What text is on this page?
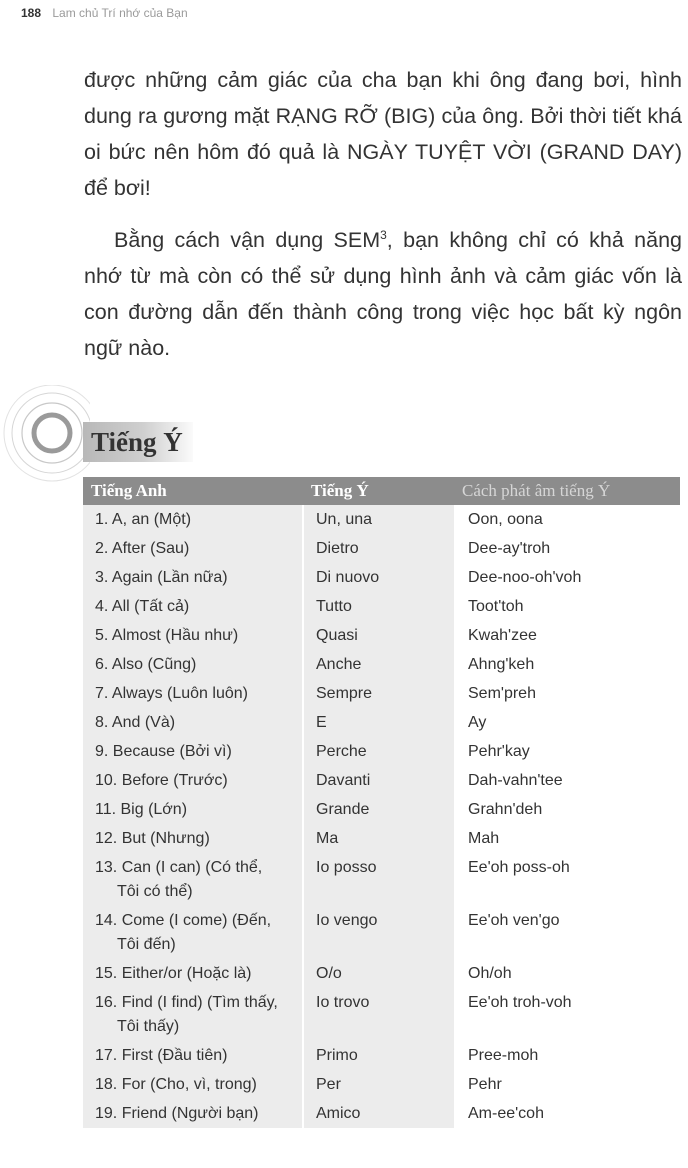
188 Lam chủ Trí nhớ của Bạn

được những cảm giác của cha bạn khi ông đang bơi, hình dung ra gương mặt RẠNG RỠ (BIG) của ông. Bởi thời tiết khá oi bức nên hôm đó quả là NGÀY TUYỆT VỜI (GRAND DAY) để bơi!

Bằng cách vận dụng SEM$^3$, bạn không chỉ có khả năng nhớ từ mà còn có thể sử dụng hình ảnh và cảm giác vốn là con đường dẫn đến thành công trong việc học bất kỳ ngôn ngữ nào.

Tiếng Ý
Tiếng Anh	Tiếng Ý	Cách phát âm tiếng Ý

1. A, an (Một)	Un, una	Oon, oona

2. After (Sau)	Dietro	Dee-ay'troh

3. Again (Lần nữa)	Di nuovo	Dee-noo-oh'voh

4. All (Tất cả)	Tutto	Toot'toh

5. Almost (Hầu như)	Quasi	Kwah'zee

6. Also (Cũng)	Anche	Ahng'keh

7. Always (Luôn luôn)	Sempre	Sem'preh

8. And (Và)	E	Ay

9. Because (Bởi vì)	Perche	Pehr'kay

10. Before (Trước)	Davanti	Dah-vahn'tee

11. Big (Lớn)	Grande	Grahn'deh

12. But (Nhưng)	Ma	Mah

13. Can (I can) (Có thể,
Tôi có thể)	Io posso	Ee'oh poss-oh

14. Come (I come) (Đến,
Tôi đến)	Io vengo	Ee'oh ven'go

15. Either/or (Hoặc là)	O/o	Oh/oh

16. Find (I find) (Tìm thấy,
Tôi thấy)	Io trovo	Ee'oh troh-voh

17. First (Đầu tiên)	Primo	Pree-moh

18. For (Cho, vì, trong)	Per	Pehr

19. Friend (Người bạn)	Amico	Am-ee'coh
